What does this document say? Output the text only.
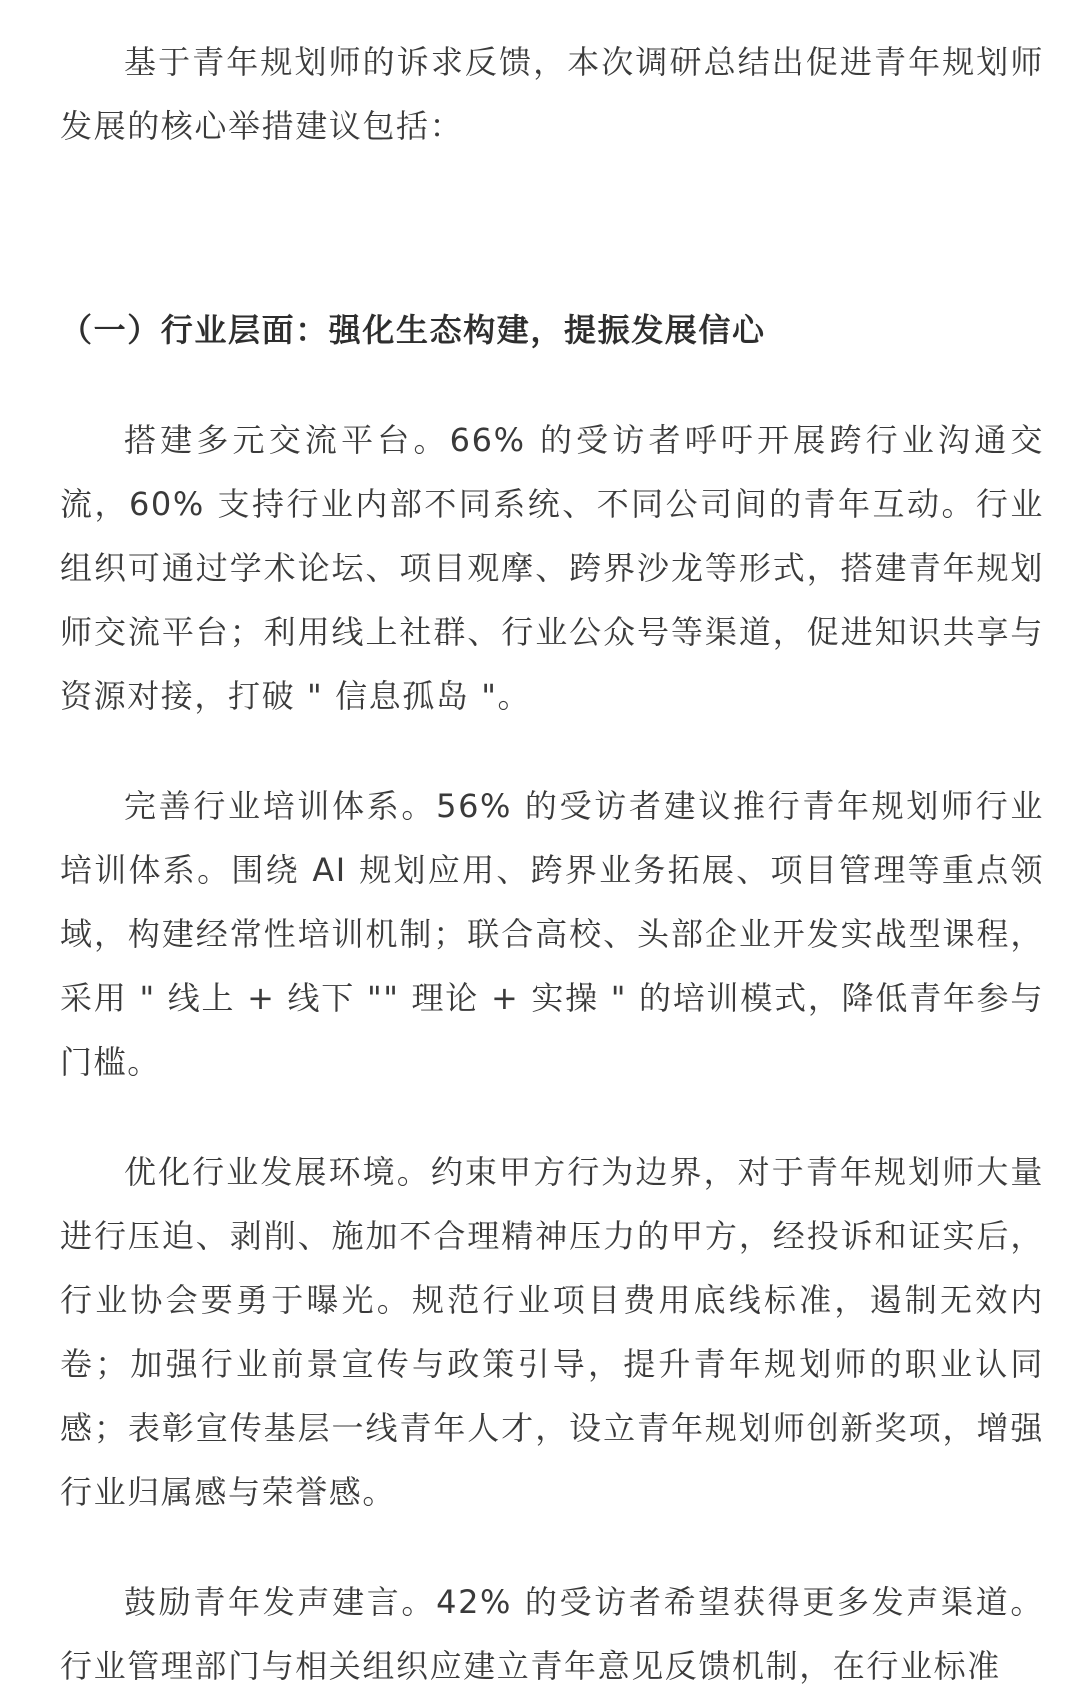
基于青年规划师的诉求反馈，本次调研总结出促进青年规划师发展的核心举措建议包括：

（一）行业层面：强化生态构建，提振发展信心

搭建多元交流平台。66% 的受访者呼吁开展跨行业沟通交流，60% 支持行业内部不同系统、不同公司间的青年互动。行业组织可通过学术论坛、项目观摩、跨界沙龙等形式，搭建青年规划师交流平台；利用线上社群、行业公众号等渠道，促进知识共享与资源对接，打破 " 信息孤岛 "。

完善行业培训体系。56% 的受访者建议推行青年规划师行业培训体系。围绕 AI 规划应用、跨界业务拓展、项目管理等重点领域，构建经常性培训机制；联合高校、头部企业开发实战型课程，采用 " 线上 + 线下 "" 理论 + 实操 " 的培训模式，降低青年参与门槛。

优化行业发展环境。约束甲方行为边界，对于青年规划师大量进行压迫、剥削、施加不合理精神压力的甲方，经投诉和证实后，行业协会要勇于曝光。规范行业项目费用底线标准，遏制无效内卷；加强行业前景宣传与政策引导，提升青年规划师的职业认同感；表彰宣传基层一线青年人才，设立青年规划师创新奖项，增强行业归属感与荣誉感。

鼓励青年发声建言。42% 的受访者希望获得更多发声渠道。行业管理部门与相关组织应建立青年意见反馈机制，在行业标准
